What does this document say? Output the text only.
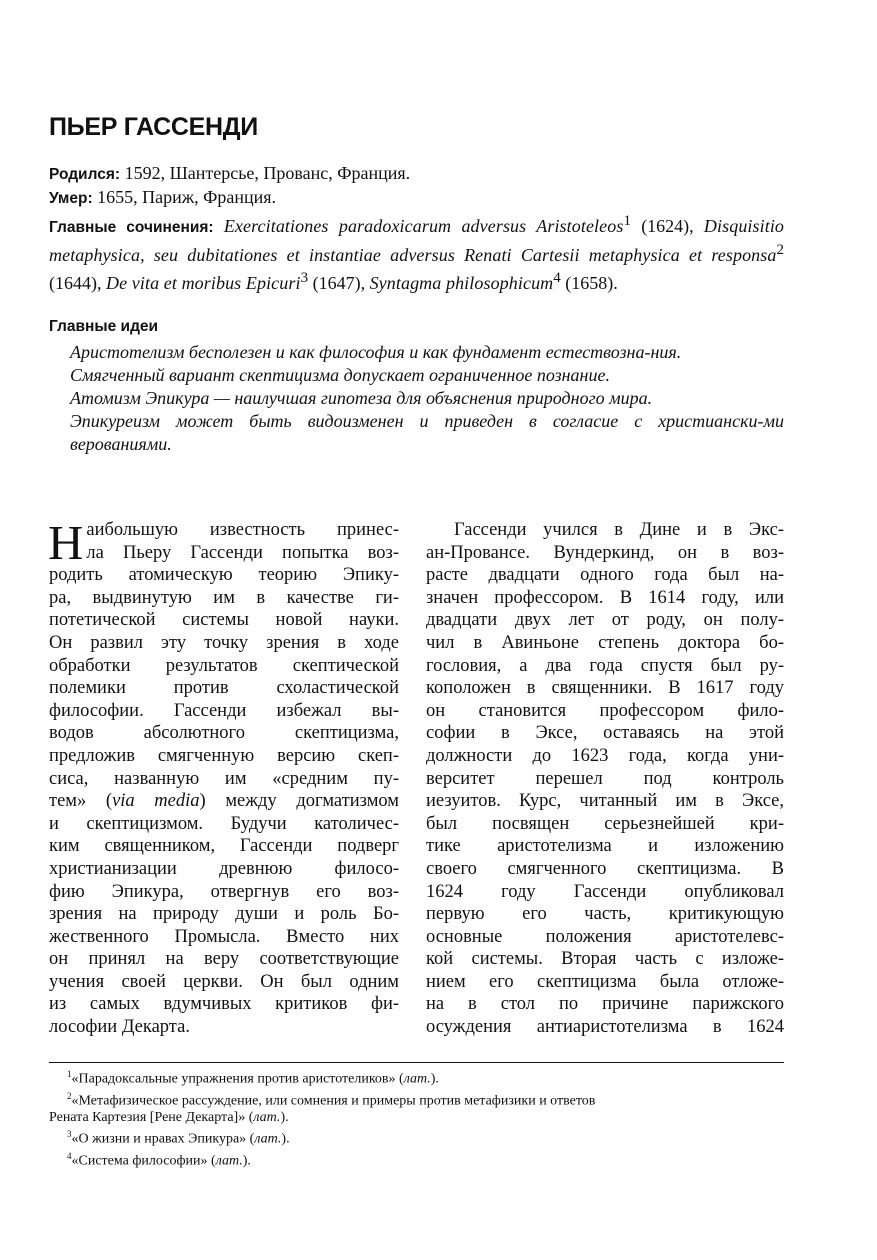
ПЬЕР ГАССЕНДИ

Родился: 1592, Шантерсье, Прованс, Франция.

Умер: 1655, Париж, Франция.

Главные сочинения: Exercitationes paradoxicarum adversus Aristoteleos$^1$ (1624), Disquisitio metaphysica, seu dubitationes et instantiae adversus Renati Cartesii metaphysica et responsa$^2$ (1644), De vita et moribus Epicuri$^3$ (1647), Syntagma philosophicum$^4$ (1658).

Главные идеи

Аристотелизм бесполезен и как философия и как фундамент естествозна-ния.

Смягченный вариант скептицизма допускает ограниченное познание.

Атомизм Эпикура — наилучшая гипотеза для объяснения природного мира.

Эпикуреизм может быть видоизменен и приведен в согласие с христиански-ми верованиями.

Н аибольшую известность принес-
ла Пьеру Гассенди попытка воз-
родить атомическую теорию Эпику-
ра, выдвинутую им в качестве ги-
потетической системы новой науки.
Он развил эту точку зрения в ходе
обработки результатов скептической
полемики против схоластической
философии. Гассенди избежал вы-
водов абсолютного скептицизма,
предложив смягченную версию скеп-
сиса, названную им «средним пу-
тем» (via media) между догматизмом
и скептицизмом. Будучи католичес-
ким священником, Гассенди подверг
христианизации древнюю филосо-
фию Эпикура, отвергнув его воз-
зрения на природу души и роль Бо-
жественного Промысла. Вместо них
он принял на веру соответствующие
учения своей церкви. Он был одним
из самых вдумчивых критиков фи-
лософии Декарта.
Гассенди учился в Дине и в Экс-
ан-Провансе. Вундеркинд, он в воз-
расте двадцати одного года был на-
значен профессором. В 1614 году, или
двадцати двух лет от роду, он полу-
чил в Авиньоне степень доктора бо-
гословия, а два года спустя был ру-
коположен в священники. В 1617 году
он становится профессором фило-
софии в Эксе, оставаясь на этой
должности до 1623 года, когда уни-
верситет перешел под контроль
иезуитов. Курс, читанный им в Эксе,
был посвящен серьезнейшей кри-
тике аристотелизма и изложению
своего смягченного скептицизма. В
1624 году Гассенди опубликовал
первую его часть, критикующую
основные положения аристотелевс-
кой системы. Вторая часть с изложе-
нием его скептицизма была отложе-
на в стол по причине парижского
осуждения антиаристотелизма в 1624

$^1$«Парадоксальные упражнения против аристотеликов» (лат.).

$^2$«Метафизическое рассуждение, или сомнения и примеры против метафизики и ответов

Рената Картезия [Рене Декарта]» (лат.).

$^3$«О жизни и нравах Эпикура» (лат.).

$^4$«Система философии» (лат.).
